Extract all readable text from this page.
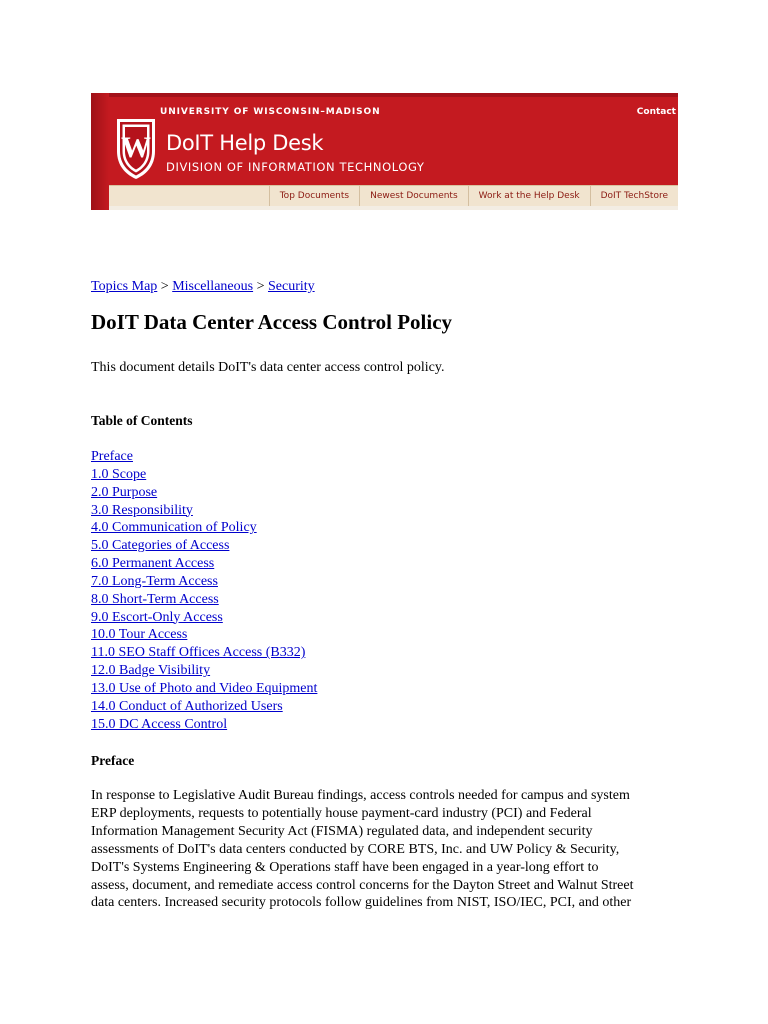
UNIVERSITY OF WISCONSIN–MADISON	Contact
W DoIT Help Desk
DIVISION OF INFORMATION TECHNOLOGY
Top Documents	Newest Documents	Work at the Help Desk	DoIT TechStore

Topics Map > Miscellaneous > Security

DoIT Data Center Access Control Policy

This document details DoIT's data center access control policy.

Table of Contents

Preface
1.0 Scope
2.0 Purpose
3.0 Responsibility
4.0 Communication of Policy
5.0 Categories of Access
6.0 Permanent Access
7.0 Long-Term Access
8.0 Short-Term Access
9.0 Escort-Only Access
10.0 Tour Access
11.0 SEO Staff Offices Access (B332)
12.0 Badge Visibility
13.0 Use of Photo and Video Equipment
14.0 Conduct of Authorized Users
15.0 DC Access Control

Preface

In response to Legislative Audit Bureau findings, access controls needed for campus and system
ERP deployments, requests to potentially house payment-card industry (PCI) and Federal
Information Management Security Act (FISMA) regulated data, and independent security
assessments of DoIT's data centers conducted by CORE BTS, Inc. and UW Policy & Security,
DoIT's Systems Engineering & Operations staff have been engaged in a year-long effort to
assess, document, and remediate access control concerns for the Dayton Street and Walnut Street
data centers. Increased security protocols follow guidelines from NIST, ISO/IEC, PCI, and other
